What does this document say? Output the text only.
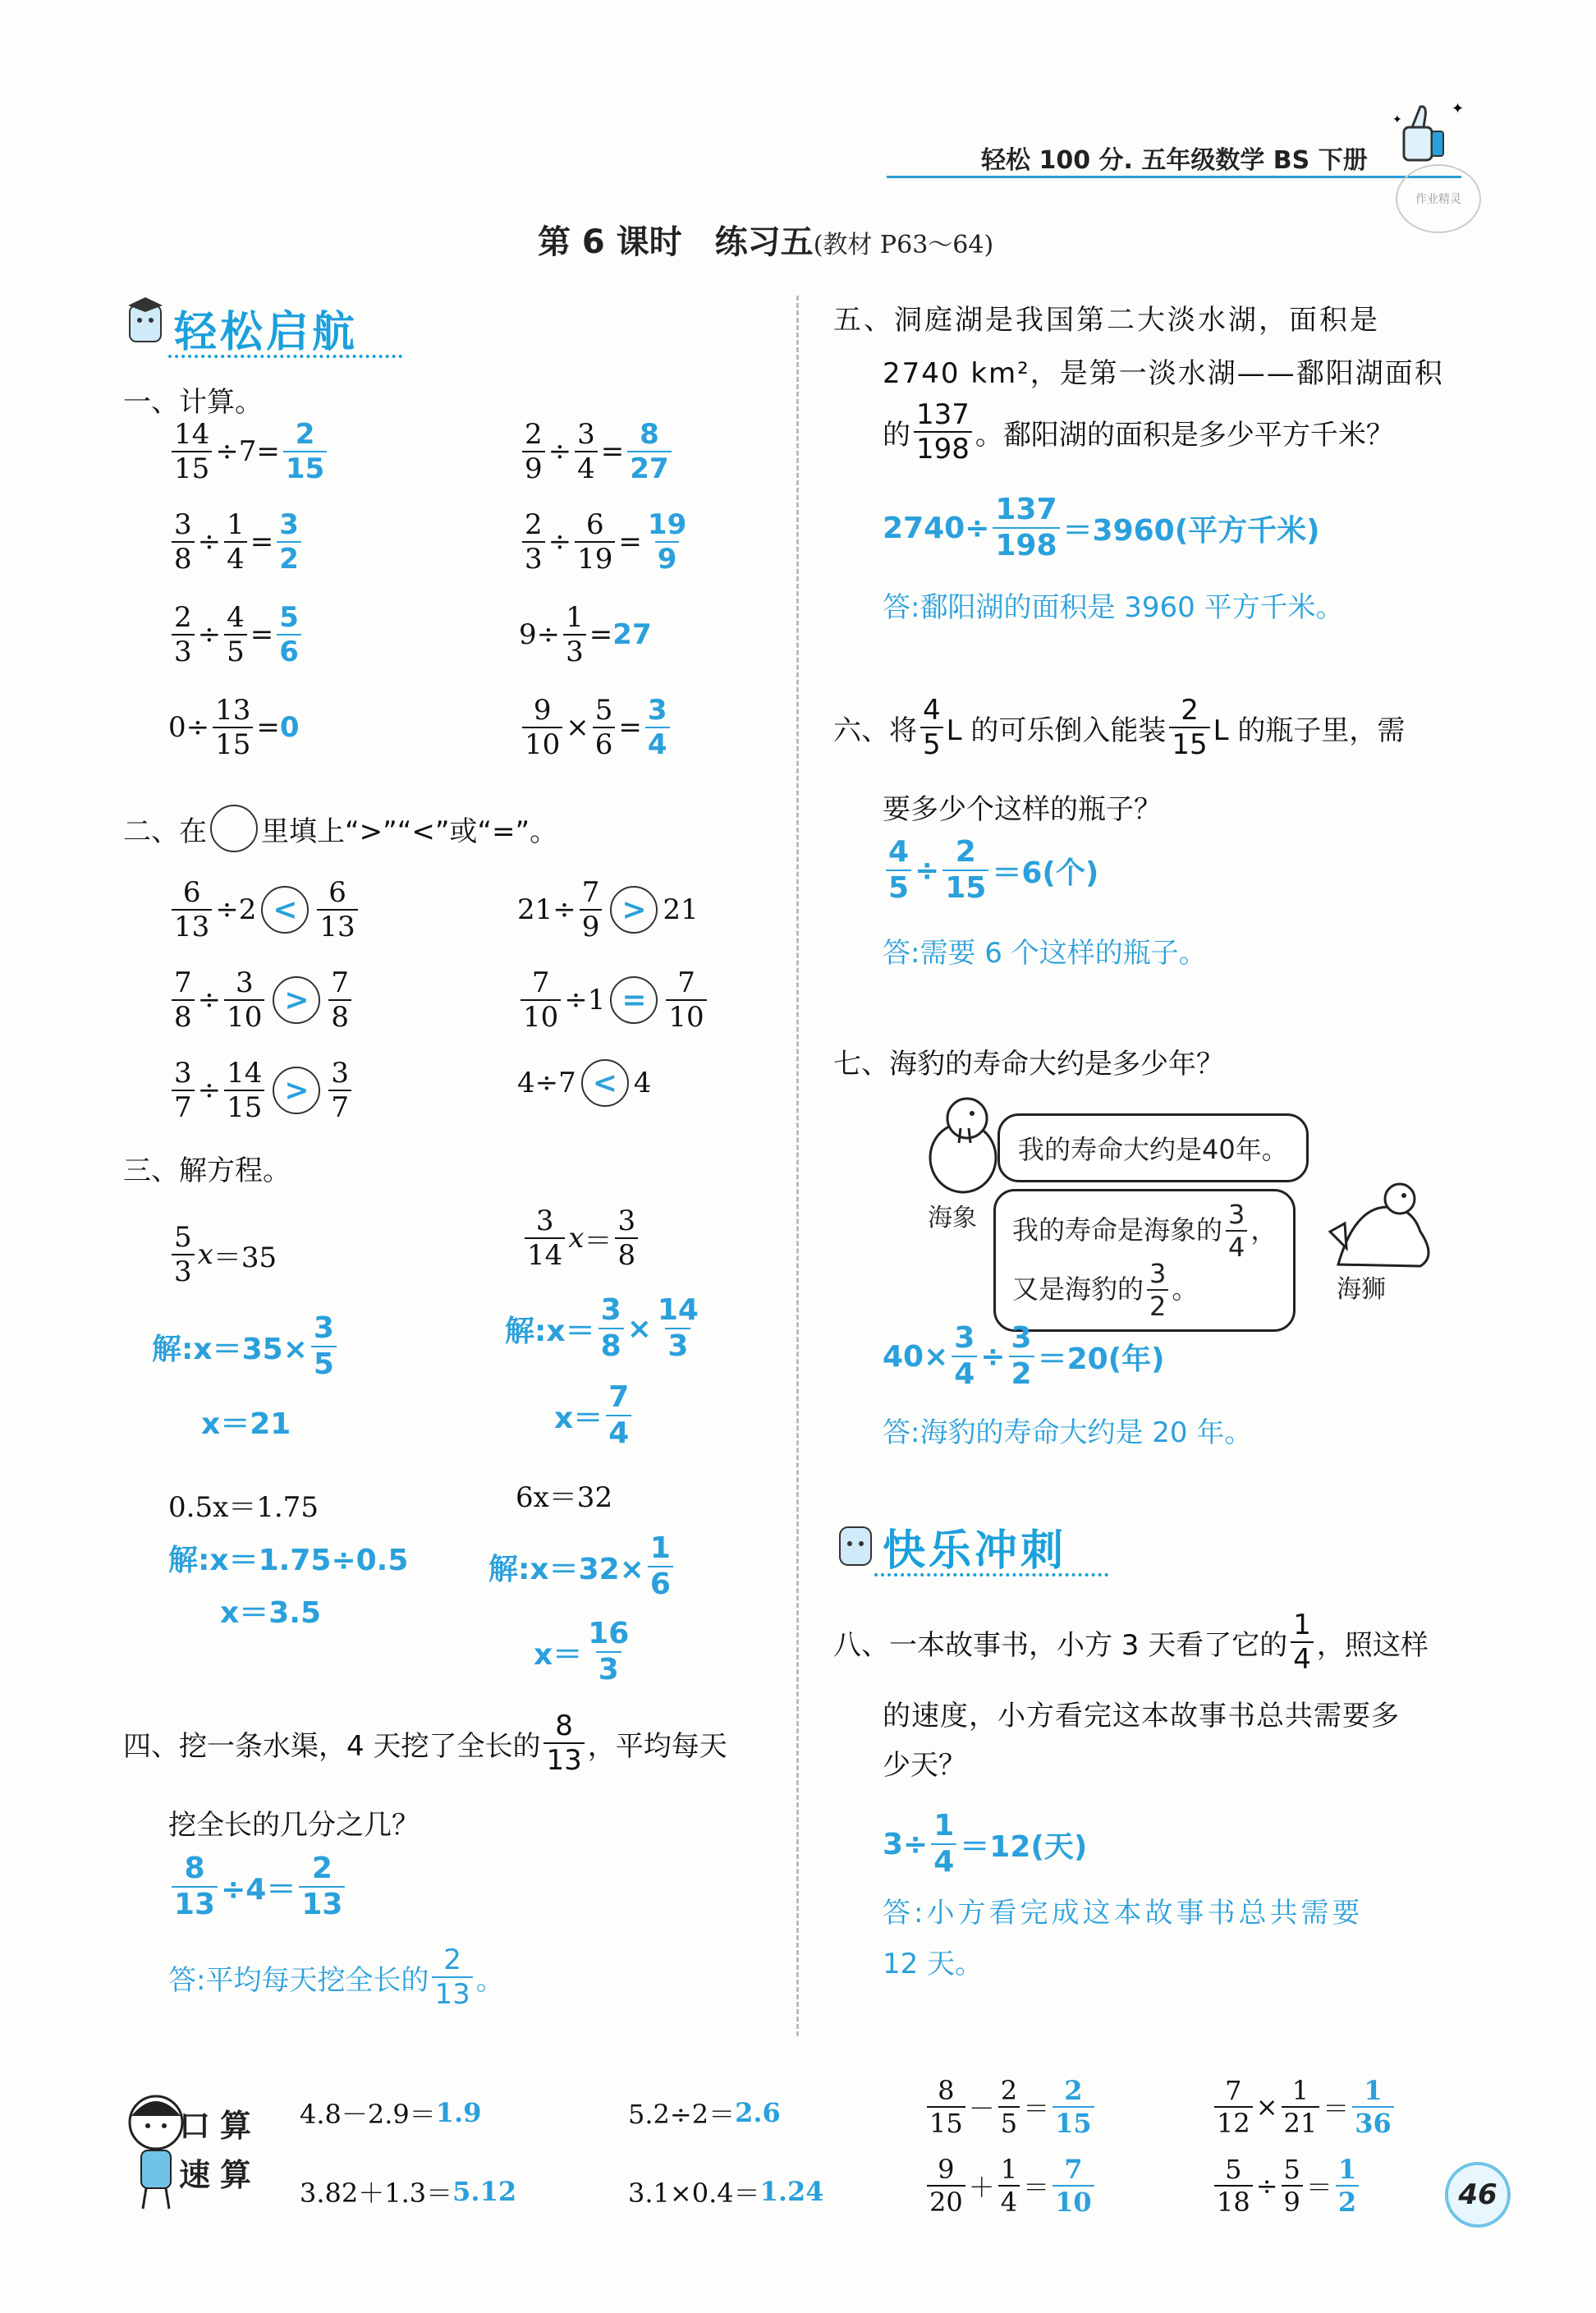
轻松 100 分. 五年级数学 BS 下册
✦
✦
作业精灵
第 6 课时　练习五(教材 P63～64)
轻松启航
一、计算。
$\frac{14}{15} \div 7 = \frac{2}{15}$	$\frac{2}{9} \div \frac{3}{4} = \frac{8}{27}$
$\frac{3}{8} \div \frac{1}{4} = \frac{3}{2}$	$\frac{2}{3} \div \frac{6}{19} = \frac{19}{9}$
$\frac{2}{3} \div \frac{4}{5} = \frac{5}{6}$	$9 \div \frac{1}{3} = 27$
$0 \div \frac{13}{15} = 0$	$\frac{9}{10} \times \frac{5}{6} = \frac{3}{4}$
二、在 里填上“>”“<”或“=”。
$\frac{6}{13} \div 2 < \frac{6}{13}$	$21 \div \frac{7}{9} > 21$
$\frac{7}{8} \div \frac{3}{10} > \frac{7}{8}$	$\frac{7}{10} \div 1 = \frac{7}{10}$
$\frac{3}{7} \div \frac{14}{15} > \frac{3}{7}$	4 ÷ 7 < 4
三、解方程。
$\frac{5}{3}$ x ＝35
解:x＝35× $\frac{3}{5}$
x＝21
$\frac{3}{14}$ $x = \frac{3}{8}$
解:x＝ $\frac{3}{8} \times \frac{14}{3}$
$x= \frac{7}{4}$
0.5x＝1.75
解:x＝1.75÷0.5
x＝3.5
6x＝32
解:x＝32× $\frac{1}{6}$
$x= \frac{16}{3}$
四、挖一条水渠，4 天挖了全长的 $\frac{8}{13}$ ，平均每天
挖全长的几分之几？
$\frac{8}{13} \div 4= \frac{2}{13}$
答:平均每天挖全长的 $\frac{2}{13}$ 。
五、洞庭湖是我国第二大淡水湖，面积是
2740 km²，是第一淡水湖——鄱阳湖面积
的 $\frac{137}{198}$ 。鄱阳湖的面积是多少平方千米？
$2740\div \frac{137}{198} =3960$(平方千米)
答:鄱阳湖的面积是 3960 平方千米。
六、将 $\frac{4}{5}$ L 的可乐倒入能装 $\frac{2}{15}$ L 的瓶子里，需
要多少个这样的瓶子？
$\frac{4}{5} \div \frac{2}{15} =6$(个)
答:需要 6 个这样的瓶子。
七、海豹的寿命大约是多少年？
海象
我的寿命大约是40年。
我的寿命是海象的 $\frac{3}{4}$ ，
又是海豹的 $\frac{3}{2}$ 。	海狮
$40\times \frac{3}{4} \div \frac{3}{2} =20$(年)
答:海豹的寿命大约是 20 年。
快乐冲刺
八、一本故事书，小方 3 天看了它的 $\frac{1}{4}$ ，照这样
的速度，小方看完这本故事书总共需要多
少天？
$3\div \frac{1}{4} =12$(天)
答:小方看完成这本故事书总共需要
12 天。
口 算
速 算
4.8－2.9＝ 1.9	5.2÷2＝ 2.6	$\frac{8}{15} - \frac{2}{5} = \frac{2}{15}$	$\frac{7}{12} \times \frac{1}{21} = \frac{1}{36}$
3.82＋1.3＝ 5.12	3.1×0.4＝ 1.24	$\frac{9}{20} + \frac{1}{4} = \frac{7}{10}$	$\frac{5}{18} \div \frac{5}{9} = \frac{1}{2}$	46
